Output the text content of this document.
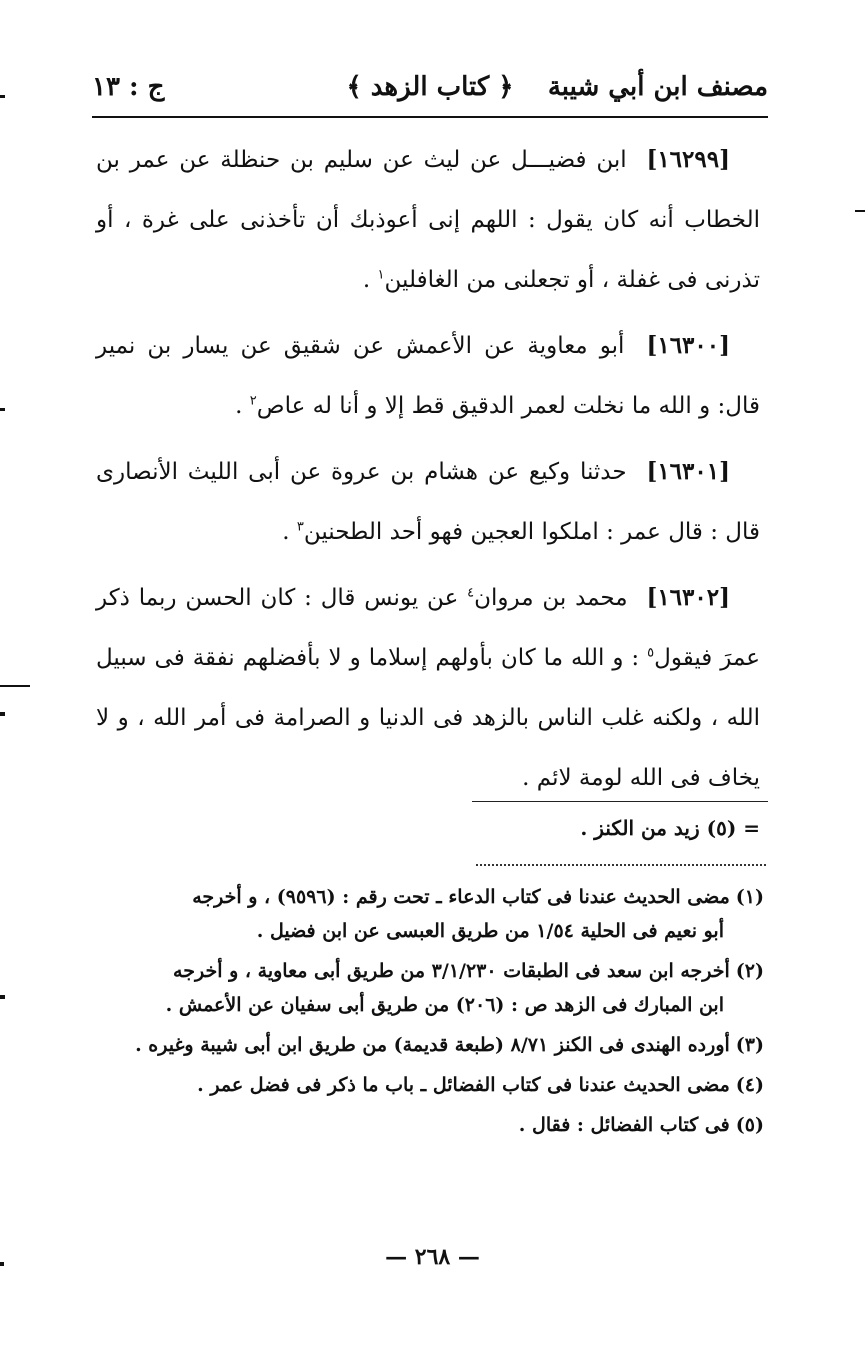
مصنف ابن أبي شيبة
﴿ كتاب الزهد ﴾
ج : ١٣

[١٦٢٩٩] ابن فضيـــل عن ليث عن سليم بن حنظلة عن عمر بن الخطاب أنه كان يقول : اللهم إنى أعوذبك أن تأخذنى على غرة ، أو تذرنى فى غفلة ، أو تجعلنى من الغافلين$^١$ .

[١٦٣٠٠] أبو معاوية عن الأعمش عن شقيق عن يسار بن نمير قال: و الله ما نخلت لعمر الدقيق قط إلا و أنا له عاص$^٢$ .

[١٦٣٠١] حدثنا وكيع عن هشام بن عروة عن أبى الليث الأنصارى قال : قال عمر : املكوا العجين فهو أحد الطحنين$^٣$ .

[١٦٣٠٢] محمد بن مروان$^٤$ عن يونس قال : كان الحسن ربما ذكر عمرَ فيقول$^٥$ : و الله ما كان بأولهم إسلاما و لا بأفضلهم نفقة فى سبيل الله ، ولكنه غلب الناس بالزهد فى الدنيا و الصرامة فى أمر الله ، و لا يخاف فى الله لومة لائم .

= (٥) زيد من الكنز .

(١)مضى الحديث عندنا فى كتاب الدعاء ـ تحت رقم : (٩٥٩٦) ، و أخرجه
أبو نعيم فى الحلية ١/٥٤ من طريق العبسى عن ابن فضيل .

(٢)أخرجه ابن سعد فى الطبقات ٣/١/٢٣٠ من طريق أبى معاوية ، و أخرجه
ابن المبارك فى الزهد ص : (٢٠٦) من طريق أبى سفيان عن الأعمش .

(٣)أورده الهندى فى الكنز ٨/٧١ (طبعة قديمة) من طريق ابن أبى شيبة وغيره .

(٤)مضى الحديث عندنا فى كتاب الفضائل ـ باب ما ذكر فى فضل عمر .

(٥)فى كتاب الفضائل : فقال .

— ٢٦٨ —
